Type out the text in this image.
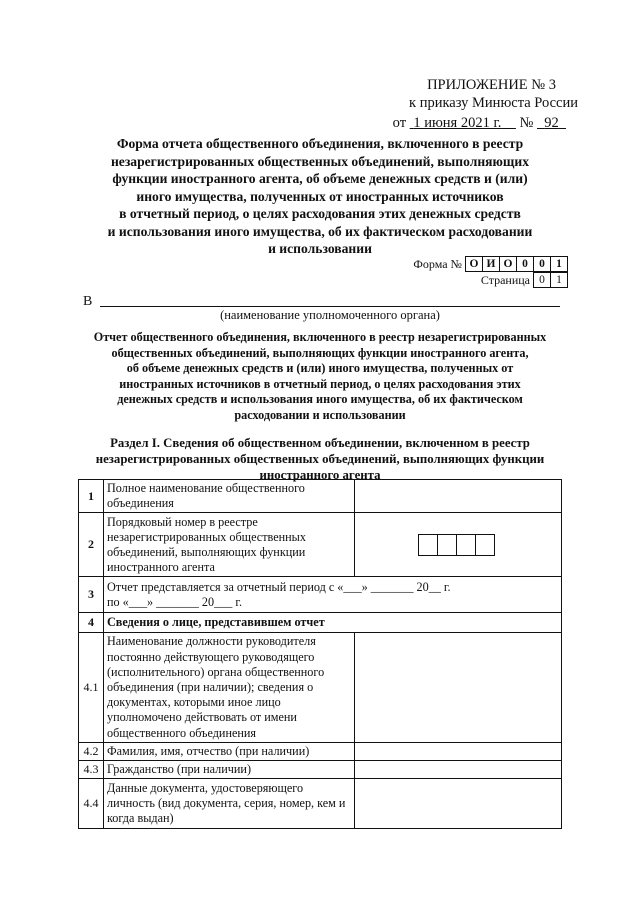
ПРИЛОЖЕНИЕ № 3
к приказу Минюста России
от 1 июня 2021 г. № 92
Форма отчета общественного объединения, включенного в реестр
незарегистрированных общественных объединений, выполняющих
функции иностранного агента, об объеме денежных средств и (или)
иного имущества, полученных от иностранных источников
в отчетный период, о целях расходования этих денежных средств
и использования иного имущества, об их фактическом расходовании
и использовании
Форма № О И О 0 0 1
Страница 0 1
В
(наименование уполномоченного органа)
Отчет общественного объединения, включенного в реестр незарегистрированных
общественных объединений, выполняющих функции иностранного агента,
об объеме денежных средств и (или) иного имущества, полученных от
иностранных источников в отчетный период, о целях расходования этих
денежных средств и использования иного имущества, об их фактическом
расходовании и использовании
Раздел I. Сведения об общественном объединении, включенном в реестр
незарегистрированных общественных объединений, выполняющих функции
иностранного агента
1	Полное наименование общественного объединения	
2	Порядковый номер в реестре незарегистрированных общественных объединений, выполняющих функции иностранного агента	

3	Отчет представляется за отчетный период с «___» _______ 20__ г.
по «___» _______ 20___ г.	

4	Сведения о лице, представившем отчет	
4.1	Наименование должности руководителя постоянно действующего руководящего (исполнительного) органа общественного объединения (при наличии); сведения о документах, которыми иное лицо уполномочено действовать от имени общественного объединения	
4.2	Фамилия, имя, отчество (при наличии)	
4.3	Гражданство (при наличии)	
4.4	Данные документа, удостоверяющего личность (вид документа, серия, номер, кем и когда выдан)	
